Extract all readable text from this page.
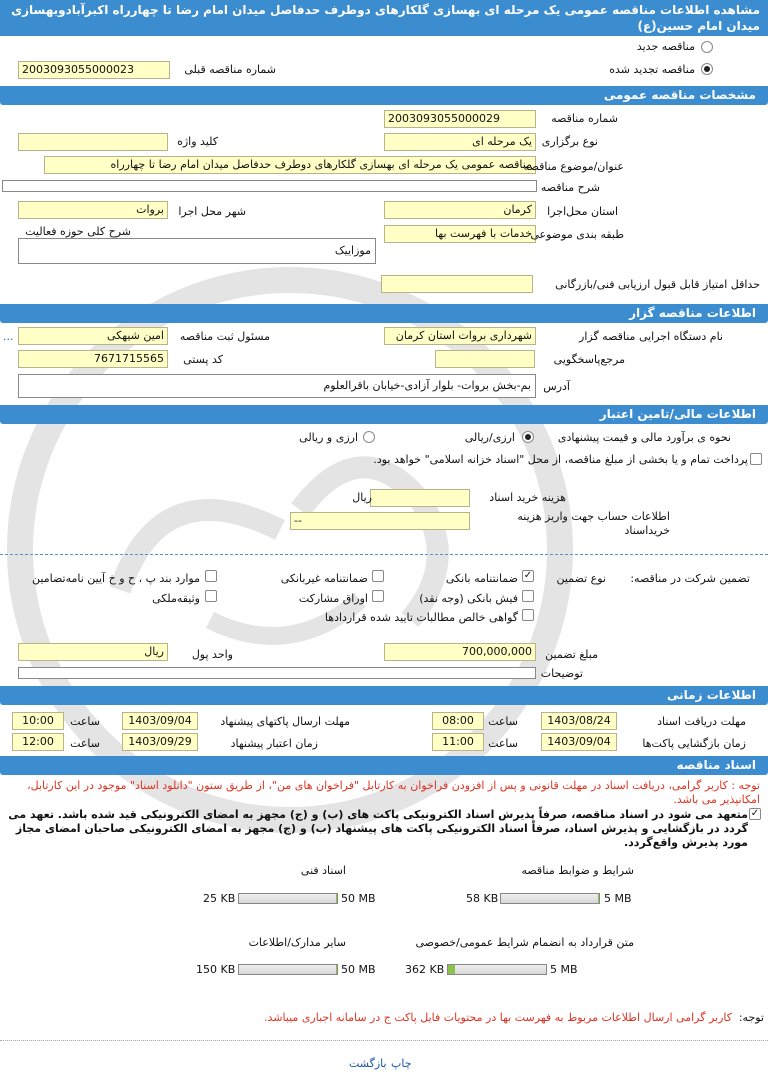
مشاهده اطلاعات مناقصه عمومی یک مرحله ای بهسازی گلکارهای دوطرف حدفاصل میدان امام رضا تا چهارراه اکبرآبادوبهسازی میدان امام حسین(ع)
مناقصه جدید
مناقصه تجدید شده
2003093055000023	شماره مناقصه قبلی
مشخصات مناقصه عمومی
2003093055000029	شماره مناقصه
یک مرحله ای نوع برگزاری
کلید واژه
مناقصه عمومی یک مرحله ای بهسازی گلکارهای دوطرف حدفاصل میدان امام رضا تا چهارراه
عنوان/موضوع مناقصه
شرح مناقصه
کرمان	استان محل‌اجرا
بروات	شهر محل اجرا
خدمات با فهرست بها
طبقه بندی موضوعی
شرح کلی حوزه فعالیت
موزاییک
حداقل امتیاز قابل قبول ارزیابی فنی/بازرگانی
اطلاعات مناقصه گزار
شهرداری بروات استان کرمان	نام دستگاه اجرایی مناقصه گزار
امین شیهکی	مسئول ثبت مناقصه
...
مرجع‌پاسخگویی
7671715565	کد پستی
بم-بخش بروات- بلوار آزادی-خیابان باقرالعلوم	آدرس
اطلاعات مالی/تامین اعتبار
نحوه ی برآورد مالی و قیمت پیشنهادی
ارزی/ریالی
ارزی و ریالی
پرداخت تمام و یا بخشی از مبلغ مناقصه، از محل "اسناد خزانه اسلامی" خواهد بود.
ریال	هزینه خرید اسناد
--	اطلاعات حساب جهت واریز هزینه خریداسناد
تضمین شرکت در مناقصه:
نوع تضمین
✓
ضمانتنامه بانکی
ضمانتنامه غیربانکی
موارد بند پ ، ح و خ آیین نامه‌تضامین
فیش بانکی (وجه نقد)
اوراق مشارکت
وثیقه‌ملکی
گواهی خالص مطالبات تایید شده قراردادها
700,000,000	مبلغ تضمین
ریال	واحد پول
توضیحات
اطلاعات زمانی
1403/08/24	مهلت دریافت اسناد
08:00	ساعت
1403/09/04	مهلت ارسال پاکتهای پیشنهاد
10:00	ساعت
1403/09/04	زمان بازگشایی پاکت‌ها
11:00	ساعت
1403/09/29	زمان اعتبار پیشنهاد
12:00	ساعت
اسناد مناقصه
توجه : کاربر گرامی، دریافت اسناد در مهلت قانونی و پس از افزودن فراخوان به کارتابل "فراخوان های من"، از طریق ستون "دانلود اسناد" موجود در این کارتابل، امکانپذیر می باشد.
✓
متعهد می شود در اسناد مناقصه، صرفاً پذیرش اسناد الکترونیکی پاکت های (ب) و (ج) مجهز به امضای الکترونیکی قید شده باشد. تعهد می گردد در بازگشایی و پذیرش اسناد، صرفاً اسناد الکترونیکی پاکت های پیشنهاد (ب) و (ج) مجهز به امضای الکترونیکی صاحبان امضای مجاز مورد پذیرش واقع‌گردد.
شرایط و ضوابط مناقصه
58 KB	5 MB
اسناد فنی
25 KB	50 MB
متن قرارداد به انضمام شرایط عمومی/خصوصی
362 KB	5 MB
سایر مدارک/اطلاعات
150 KB	50 MB
توجه:
کاربر گرامی ارسال اطلاعات مربوط به فهرست بها در محتویات فایل پاکت ج در سامانه اجباری میباشد.
بازگشت چاپ
